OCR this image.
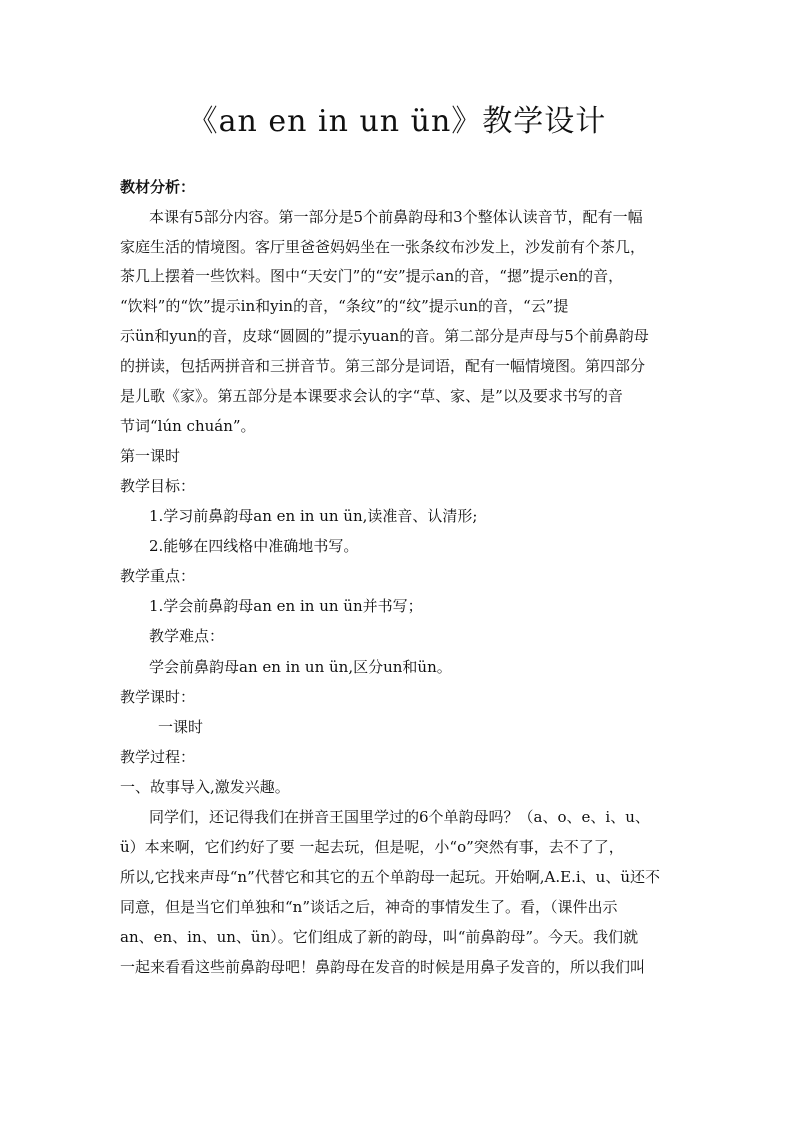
《an en in un ün》教学设计
教材分析：
本课有5部分内容。第一部分是5个前鼻韵母和3个整体认读音节，配有一幅
家庭生活的情境图。客厅里爸爸妈妈坐在一张条纹布沙发上，沙发前有个茶几，
茶几上摆着一些饮料。图中“天安门”的“安”提示an的音，“摁”提示en的音，
“饮料”的“饮”提示in和yin的音，“条纹”的“纹”提示un的音，“云”提
示ün和yun的音，皮球“圆圆的”提示yuan的音。第二部分是声母与5个前鼻韵母
的拼读，包括两拼音和三拼音节。第三部分是词语，配有一幅情境图。第四部分
是儿歌《家》。第五部分是本课要求会认的字“草、家、是”以及要求书写的音
节词“lún chuán”。
第一课时
教学目标：
1.学习前鼻韵母an en in un ün,读准音、认清形;
2.能够在四线格中准确地书写。
教学重点：
1.学会前鼻韵母an en in un ün并书写；
教学难点：
学会前鼻韵母an en in un ün,区分un和ün。
教学课时：
一课时
教学过程：
一、故事导入,激发兴趣。
同学们，还记得我们在拼音王国里学过的6个单韵母吗？（a、o、e、i、u、
ü）本来啊，它们约好了要 一起去玩，但是呢，小“o”突然有事，去不了了，
所以,它找来声母“n”代替它和其它的五个单韵母一起玩。开始啊,A.E.i、u、ü还不
同意，但是当它们单独和“n”谈话之后，神奇的事情发生了。看，（课件出示
an、en、in、un、ün）。它们组成了新的韵母，叫“前鼻韵母”。今天。我们就
一起来看看这些前鼻韵母吧！鼻韵母在发音的时候是用鼻子发音的，所以我们叫
